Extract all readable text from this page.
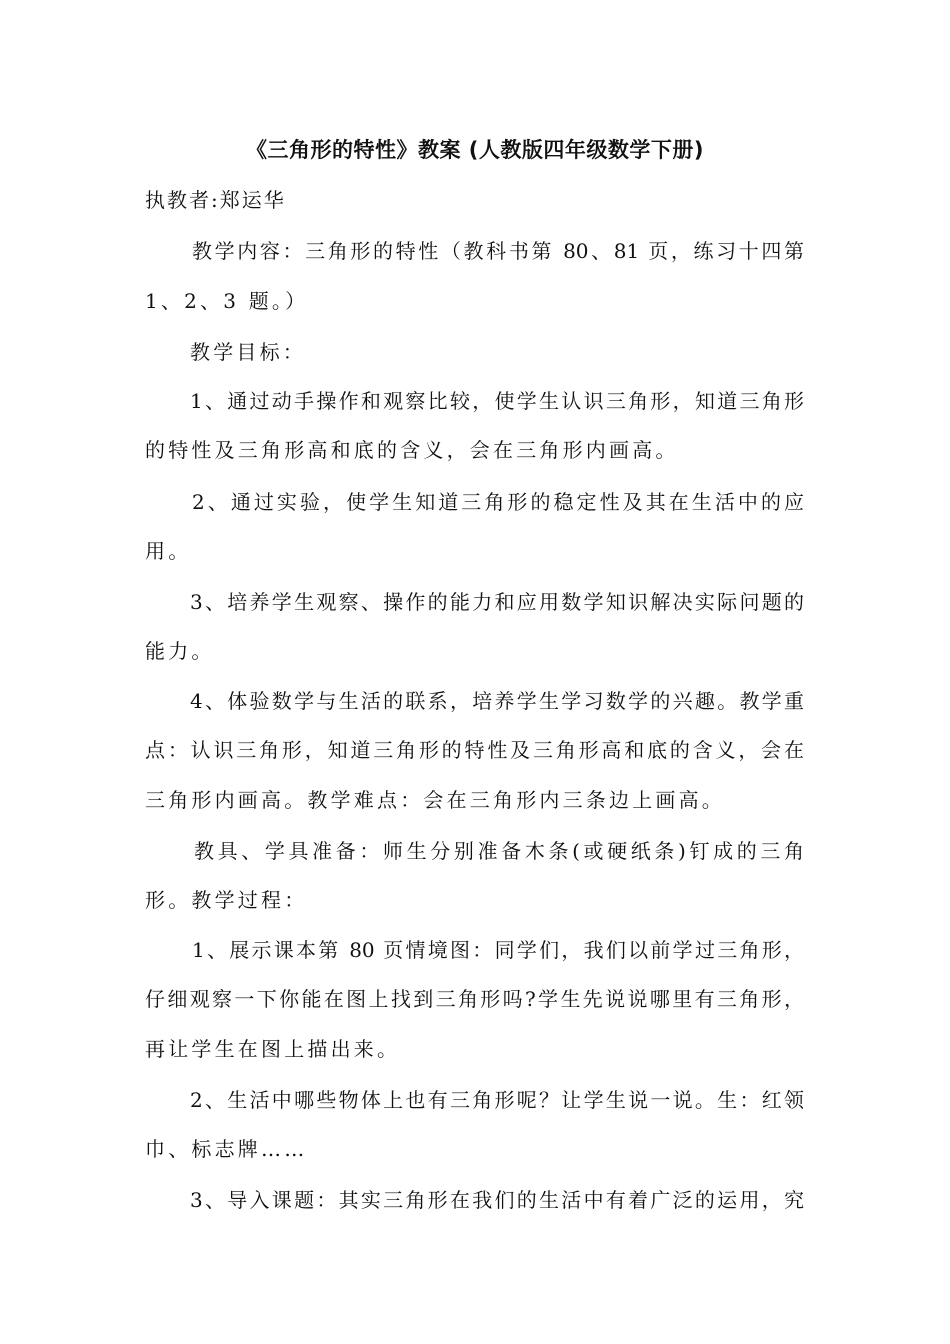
《三角形的特性》教案 (人教版四年级数学下册)
执教者:郑运华
教学内容：三角形的特性（教科书第 80、81 页，练习十四第
1、2、3 题。）
教学目标：
1、通过动手操作和观察比较，使学生认识三角形，知道三角形
的特性及三角形高和底的含义，会在三角形内画高。
2、通过实验，使学生知道三角形的稳定性及其在生活中的应
用。
3、培养学生观察、操作的能力和应用数学知识解决实际问题的
能力。
4、体验数学与生活的联系，培养学生学习数学的兴趣。教学重
点：认识三角形，知道三角形的特性及三角形高和底的含义，会在
三角形内画高。教学难点：会在三角形内三条边上画高。
教具、学具准备：师生分别准备木条(或硬纸条)钉成的三角
形。教学过程：
1、展示课本第 80 页情境图：同学们，我们以前学过三角形，
仔细观察一下你能在图上找到三角形吗?学生先说说哪里有三角形，
再让学生在图上描出来。
2、生活中哪些物体上也有三角形呢？让学生说一说。生：红领
巾、标志牌……
3、导入课题：其实三角形在我们的生活中有着广泛的运用，究
